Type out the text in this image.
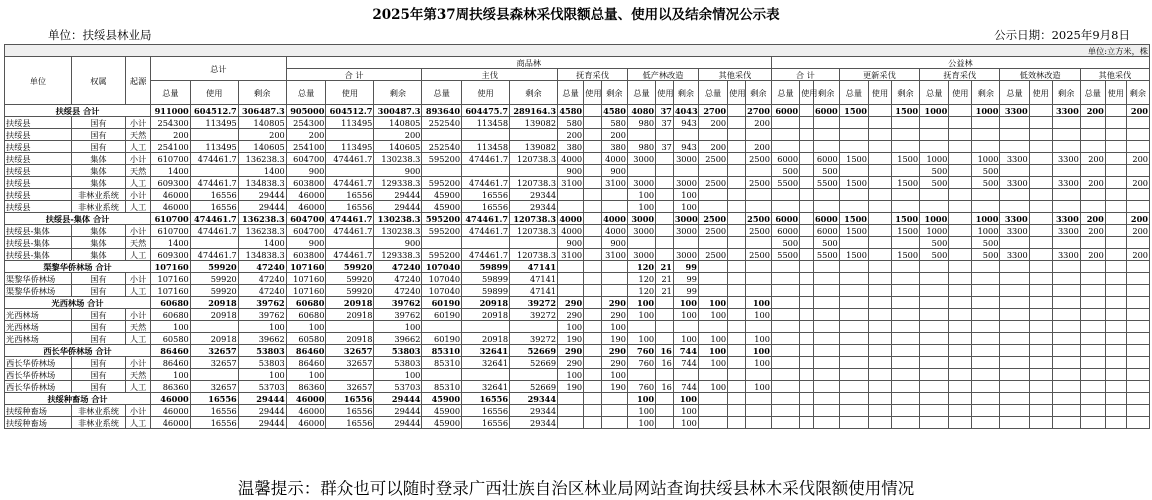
2025年第37周扶绥县森林采伐限额总量、使用以及结余情况公示表
单位：扶绥县林业局	公示日期：2025年9月8日
单位:立方米，株																																			
单位	权属	起源	总计			商品林															公益林														
						合 计			主伐			抚育采伐			低产林改造			其他采伐			合 计			更新采伐			抚育采伐			低效林改造			其他采伐		
			总量	使用	剩余	总量	使用	剩余	总量	使用	剩余	总量	使用	剩余	总量	使用	剩余	总量	使用	剩余	总量	使用	剩余	总量	使用	剩余	总量	使用	剩余	总量	使用	剩余	总量	使用	剩余
扶绥县 合计			911000	604512.7	306487.3	905000	604512.7	300487.3	893640	604475.7	289164.3	4580		4580	4080	37	4043	2700		2700	6000		6000	1500		1500	1000		1000	3300		3300	200		200
扶绥县	国有	小计	254300	113495	140805	254300	113495	140805	252540	113458	139082	580		580	980	37	943	200		200															
扶绥县	国有	天然	200		200	200		200				200		200																					
扶绥县	国有	人工	254100	113495	140605	254100	113495	140605	252540	113458	139082	380		380	980	37	943	200		200															
扶绥县	集体	小计	610700	474461.7	136238.3	604700	474461.7	130238.3	595200	474461.7	120738.3	4000		4000	3000		3000	2500		2500	6000		6000	1500		1500	1000		1000	3300		3300	200		200
扶绥县	集体	天然	1400		1400	900		900				900		900							500		500				500		500						
扶绥县	集体	人工	609300	474461.7	134838.3	603800	474461.7	129338.3	595200	474461.7	120738.3	3100		3100	3000		3000	2500		2500	5500		5500	1500		1500	500		500	3300		3300	200		200
扶绥县	非林业系统	小计	46000	16556	29444	46000	16556	29444	45900	16556	29344				100		100																		
扶绥县	非林业系统	人工	46000	16556	29444	46000	16556	29444	45900	16556	29344				100		100																		
扶绥县-集体 合计			610700	474461.7	136238.3	604700	474461.7	130238.3	595200	474461.7	120738.3	4000		4000	3000		3000	2500		2500	6000		6000	1500		1500	1000		1000	3300		3300	200		200
扶绥县-集体	集体	小计	610700	474461.7	136238.3	604700	474461.7	130238.3	595200	474461.7	120738.3	4000		4000	3000		3000	2500		2500	6000		6000	1500		1500	1000		1000	3300		3300	200		200
扶绥县-集体	集体	天然	1400		1400	900		900				900		900							500		500				500		500						
扶绥县-集体	集体	人工	609300	474461.7	134838.3	603800	474461.7	129338.3	595200	474461.7	120738.3	3100		3100	3000		3000	2500		2500	5500		5500	1500		1500	500		500	3300		3300	200		200
渠黎华侨林场 合计			107160	59920	47240	107160	59920	47240	107040	59899	47141				120	21	99																		
渠黎华侨林场	国有	小计	107160	59920	47240	107160	59920	47240	107040	59899	47141				120	21	99																		
渠黎华侨林场	国有	人工	107160	59920	47240	107160	59920	47240	107040	59899	47141				120	21	99																		
光西林场 合计			60680	20918	39762	60680	20918	39762	60190	20918	39272	290		290	100		100	100		100															
光西林场	国有	小计	60680	20918	39762	60680	20918	39762	60190	20918	39272	290		290	100		100	100		100															
光西林场	国有	天然	100		100	100		100				100		100																					
光西林场	国有	人工	60580	20918	39662	60580	20918	39662	60190	20918	39272	190		190	100		100	100		100															
西长华侨林场 合计			86460	32657	53803	86460	32657	53803	85310	32641	52669	290		290	760	16	744	100		100															
西长华侨林场	国有	小计	86460	32657	53803	86460	32657	53803	85310	32641	52669	290		290	760	16	744	100		100															
西长华侨林场	国有	天然	100		100	100		100				100		100																					
西长华侨林场	国有	人工	86360	32657	53703	86360	32657	53703	85310	32641	52669	190		190	760	16	744	100		100															
扶绥种畜场 合计			46000	16556	29444	46000	16556	29444	45900	16556	29344				100		100																		
扶绥种畜场	非林业系统	小计	46000	16556	29444	46000	16556	29444	45900	16556	29344				100		100																		
扶绥种畜场	非林业系统	人工	46000	16556	29444	46000	16556	29444	45900	16556	29344				100		100																		
温馨提示：群众也可以随时登录广西壮族自治区林业局网站查询扶绥县林木采伐限额使用情况
